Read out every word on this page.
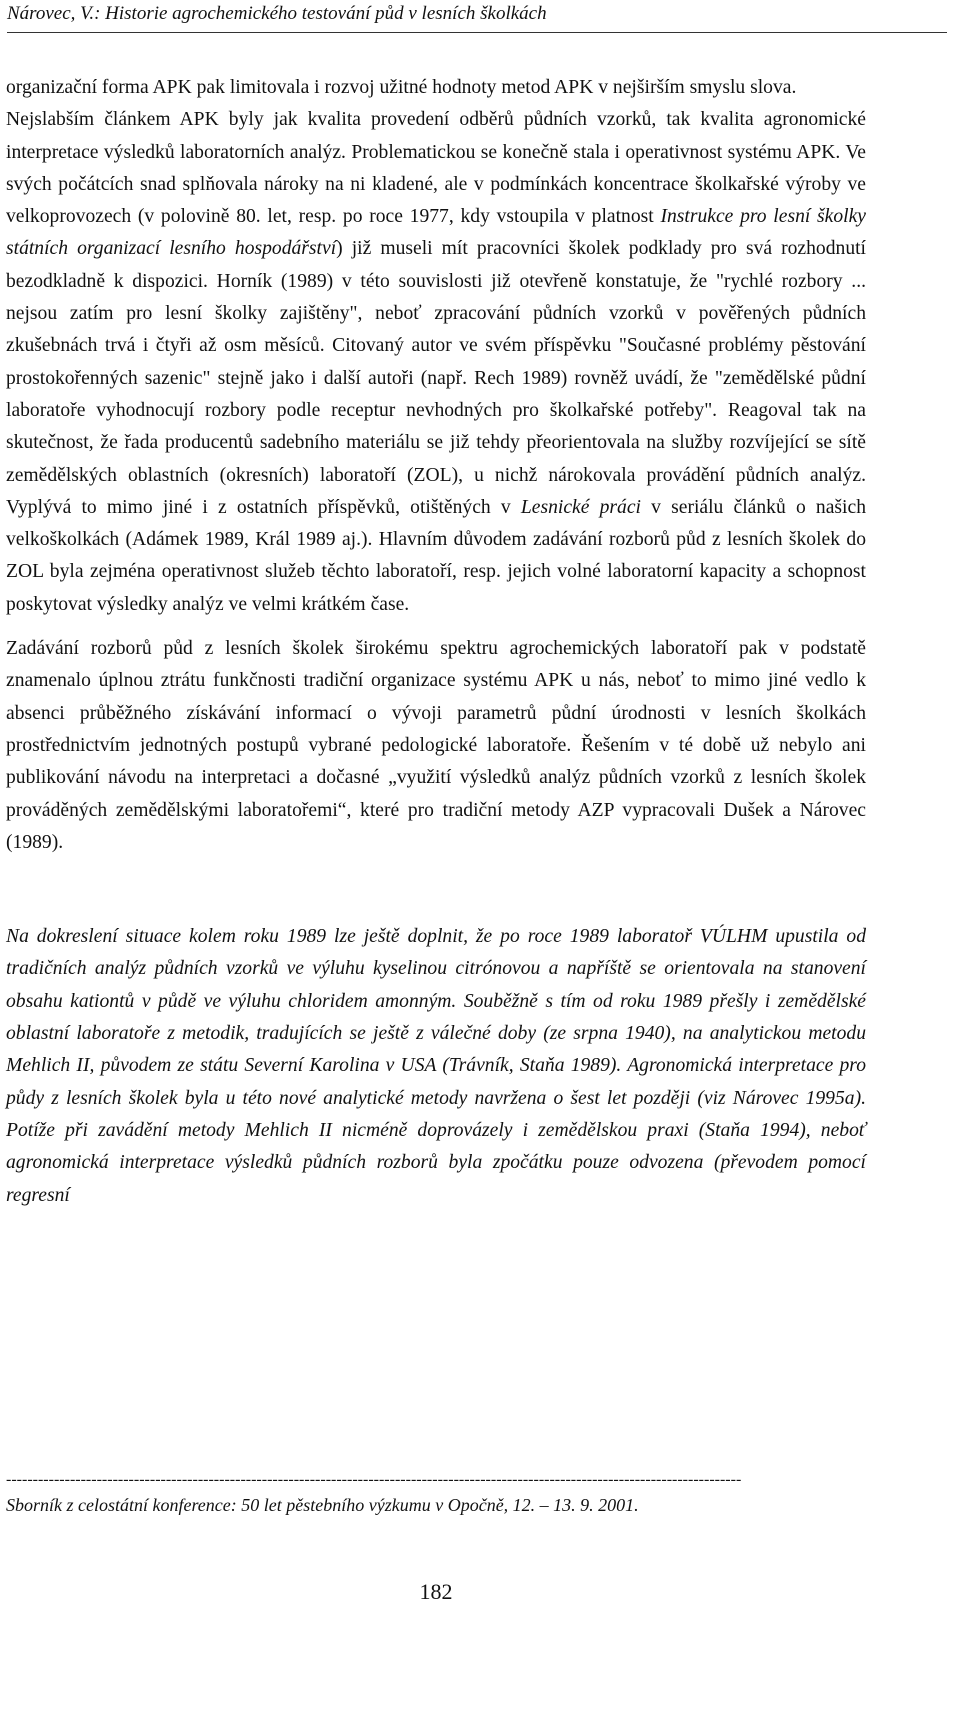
Nárovec, V.: Historie agrochemického testování půd v lesních školkách

organizační forma APK pak limitovala i rozvoj užitné hodnoty metod APK v nejširším smyslu slova.

Nejslabším článkem APK byly jak kvalita provedení odběrů půdních vzorků, tak kvalita agronomické interpretace výsledků laboratorních analýz. Problematickou se konečně stala i operativnost systému APK. Ve svých počátcích snad splňovala nároky na ni kladené, ale v podmínkách koncentrace školkařské výroby ve velkoprovozech (v polovině 80. let, resp. po roce 1977, kdy vstoupila v platnost Instrukce pro lesní školky státních organizací lesního hospodářství) již museli mít pracovníci školek podklady pro svá rozhodnutí bezodkladně k dispozici. Horník (1989) v této souvislosti již otevřeně konstatuje, že "rychlé rozbory ... nejsou zatím pro lesní školky zajištěny", neboť zpracování půdních vzorků v pověřených půdních zkušebnách trvá i čtyři až osm měsíců. Citovaný autor ve svém příspěvku "Současné problémy pěstování prostokořenných sazenic" stejně jako i další autoři (např. Rech 1989) rovněž uvádí, že "zemědělské půdní laboratoře vyhodnocují rozbory podle receptur nevhodných pro školkařské potřeby". Reagoval tak na skutečnost, že řada producentů sadebního materiálu se již tehdy přeorientovala na služby rozvíjející se sítě zemědělských oblastních (okresních) laboratoří (ZOL), u nichž nárokovala provádění půdních analýz. Vyplývá to mimo jiné i z ostatních příspěvků, otištěných v Lesnické práci v seriálu článků o našich velkoškolkách (Adámek 1989, Král 1989 aj.). Hlavním důvodem zadávání rozborů půd z lesních školek do ZOL byla zejména operativnost služeb těchto laboratoří, resp. jejich volné laboratorní kapacity a schopnost poskytovat výsledky analýz ve velmi krátkém čase.

Zadávání rozborů půd z lesních školek širokému spektru agrochemických laboratoří pak v podstatě znamenalo úplnou ztrátu funkčnosti tradiční organizace systému APK u nás, neboť to mimo jiné vedlo k absenci průběžného získávání informací o vývoji parametrů půdní úrodnosti v lesních školkách prostřednictvím jednotných postupů vybrané pedologické laboratoře. Řešením v té době už nebylo ani publikování návodu na interpretaci a dočasné „využití výsledků analýz půdních vzorků z lesních školek prováděných zemědělskými laboratořemi“, které pro tradiční metody AZP vypracovali Dušek a Nárovec (1989).

Na dokreslení situace kolem roku 1989 lze ještě doplnit, že po roce 1989 laboratoř VÚLHM upustila od tradičních analýz půdních vzorků ve výluhu kyselinou citrónovou a napříště se orientovala na stanovení obsahu kationtů v půdě ve výluhu chloridem amonným. Souběžně s tím od roku 1989 přešly i zemědělské oblastní laboratoře z metodik, tradujících se ještě z válečné doby (ze srpna 1940), na analytickou metodu Mehlich II, původem ze státu Severní Karolina v USA (Trávník, Staňa 1989). Agronomická interpretace pro půdy z lesních školek byla u této nové analytické metody navržena o šest let později (viz Nárovec 1995a). Potíže při zavádění metody Mehlich II nicméně doprovázely i zemědělskou praxi (Staňa 1994), neboť agronomická interpretace výsledků půdních rozborů byla zpočátku pouze odvozena (převodem pomocí regresní

------------------------------------------------------------------------------------------------------------------------------------------
Sborník z celostátní konference: 50 let pěstebního výzkumu v Opočně, 12. – 13. 9. 2001.
182
